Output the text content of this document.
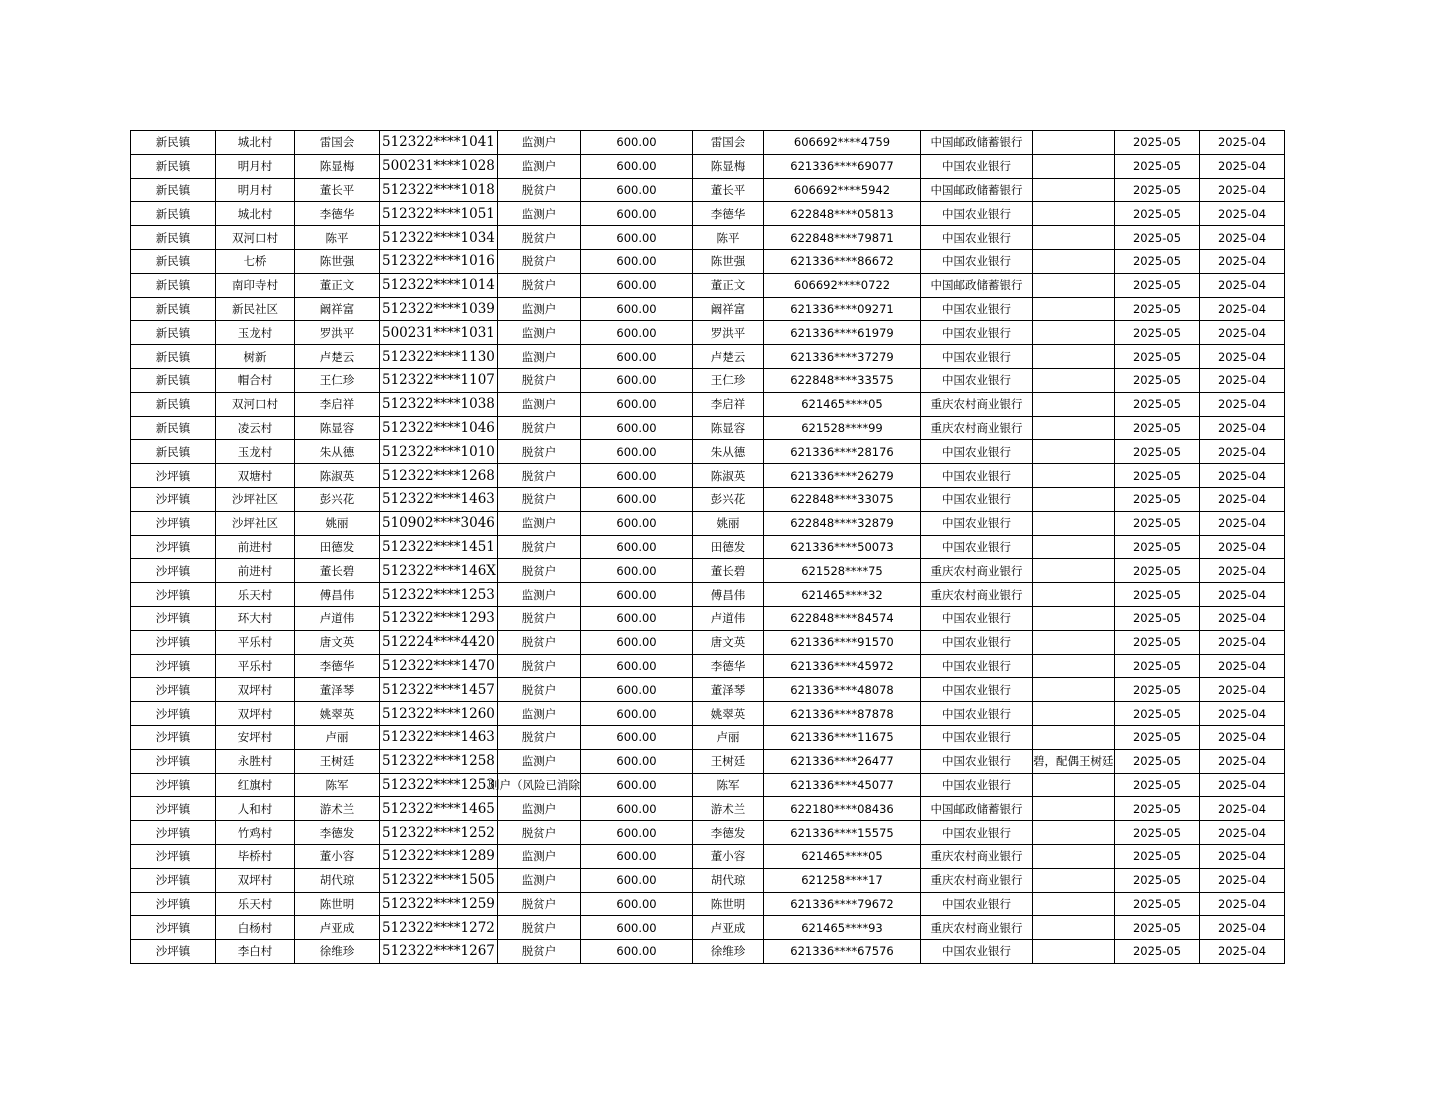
新民镇	城北村	雷国会	512322****1041	监测户	600.00	雷国会	606692****4759	中国邮政储蓄银行		2025-05	2025-04
新民镇	明月村	陈显梅	500231****1028	监测户	600.00	陈显梅	621336****69077	中国农业银行		2025-05	2025-04
新民镇	明月村	董长平	512322****1018	脱贫户	600.00	董长平	606692****5942	中国邮政储蓄银行		2025-05	2025-04
新民镇	城北村	李德华	512322****1051	监测户	600.00	李德华	622848****05813	中国农业银行		2025-05	2025-04
新民镇	双河口村	陈平	512322****1034	脱贫户	600.00	陈平	622848****79871	中国农业银行		2025-05	2025-04
新民镇	七桥	陈世强	512322****1016	脱贫户	600.00	陈世强	621336****86672	中国农业银行		2025-05	2025-04
新民镇	南印寺村	董正文	512322****1014	脱贫户	600.00	董正文	606692****0722	中国邮政储蓄银行		2025-05	2025-04
新民镇	新民社区	阚祥富	512322****1039	监测户	600.00	阚祥富	621336****09271	中国农业银行		2025-05	2025-04
新民镇	玉龙村	罗洪平	500231****1031	监测户	600.00	罗洪平	621336****61979	中国农业银行		2025-05	2025-04
新民镇	树新	卢楚云	512322****1130	监测户	600.00	卢楚云	621336****37279	中国农业银行		2025-05	2025-04
新民镇	帽合村	王仁珍	512322****1107	脱贫户	600.00	王仁珍	622848****33575	中国农业银行		2025-05	2025-04
新民镇	双河口村	李启祥	512322****1038	监测户	600.00	李启祥	621465****05	重庆农村商业银行		2025-05	2025-04
新民镇	凌云村	陈显容	512322****1046	脱贫户	600.00	陈显容	621528****99	重庆农村商业银行		2025-05	2025-04
新民镇	玉龙村	朱从德	512322****1010	脱贫户	600.00	朱从德	621336****28176	中国农业银行		2025-05	2025-04
沙坪镇	双塘村	陈淑英	512322****1268	脱贫户	600.00	陈淑英	621336****26279	中国农业银行		2025-05	2025-04
沙坪镇	沙坪社区	彭兴花	512322****1463	脱贫户	600.00	彭兴花	622848****33075	中国农业银行		2025-05	2025-04
沙坪镇	沙坪社区	姚丽	510902****3046	监测户	600.00	姚丽	622848****32879	中国农业银行		2025-05	2025-04
沙坪镇	前进村	田德发	512322****1451	脱贫户	600.00	田德发	621336****50073	中国农业银行		2025-05	2025-04
沙坪镇	前进村	董长碧	512322****146X	脱贫户	600.00	董长碧	621528****75	重庆农村商业银行		2025-05	2025-04
沙坪镇	乐天村	傅昌伟	512322****1253	监测户	600.00	傅昌伟	621465****32	重庆农村商业银行		2025-05	2025-04
沙坪镇	环大村	卢道伟	512322****1293	脱贫户	600.00	卢道伟	622848****84574	中国农业银行		2025-05	2025-04
沙坪镇	平乐村	唐文英	512224****4420	脱贫户	600.00	唐文英	621336****91570	中国农业银行		2025-05	2025-04
沙坪镇	平乐村	李德华	512322****1470	脱贫户	600.00	李德华	621336****45972	中国农业银行		2025-05	2025-04
沙坪镇	双坪村	董泽琴	512322****1457	脱贫户	600.00	董泽琴	621336****48078	中国农业银行		2025-05	2025-04
沙坪镇	双坪村	姚翠英	512322****1260	监测户	600.00	姚翠英	621336****87878	中国农业银行		2025-05	2025-04
沙坪镇	安坪村	卢丽	512322****1463	脱贫户	600.00	卢丽	621336****11675	中国农业银行		2025-05	2025-04
沙坪镇	永胜村	王树廷	512322****1258	监测户	600.00	王树廷	621336****26477	中国农业银行	碧，配偶王树廷	2025-05	2025-04
沙坪镇	红旗村	陈军	512322****1253	则户（风险已消除	600.00	陈军	621336****45077	中国农业银行		2025-05	2025-04
沙坪镇	人和村	游术兰	512322****1465	监测户	600.00	游术兰	622180****08436	中国邮政储蓄银行		2025-05	2025-04
沙坪镇	竹鸡村	李德发	512322****1252	脱贫户	600.00	李德发	621336****15575	中国农业银行		2025-05	2025-04
沙坪镇	毕桥村	董小容	512322****1289	监测户	600.00	董小容	621465****05	重庆农村商业银行		2025-05	2025-04
沙坪镇	双坪村	胡代琼	512322****1505	监测户	600.00	胡代琼	621258****17	重庆农村商业银行		2025-05	2025-04
沙坪镇	乐天村	陈世明	512322****1259	脱贫户	600.00	陈世明	621336****79672	中国农业银行		2025-05	2025-04
沙坪镇	白杨村	卢亚成	512322****1272	脱贫户	600.00	卢亚成	621465****93	重庆农村商业银行		2025-05	2025-04
沙坪镇	李白村	徐维珍	512322****1267	脱贫户	600.00	徐维珍	621336****67576	中国农业银行		2025-05	2025-04
